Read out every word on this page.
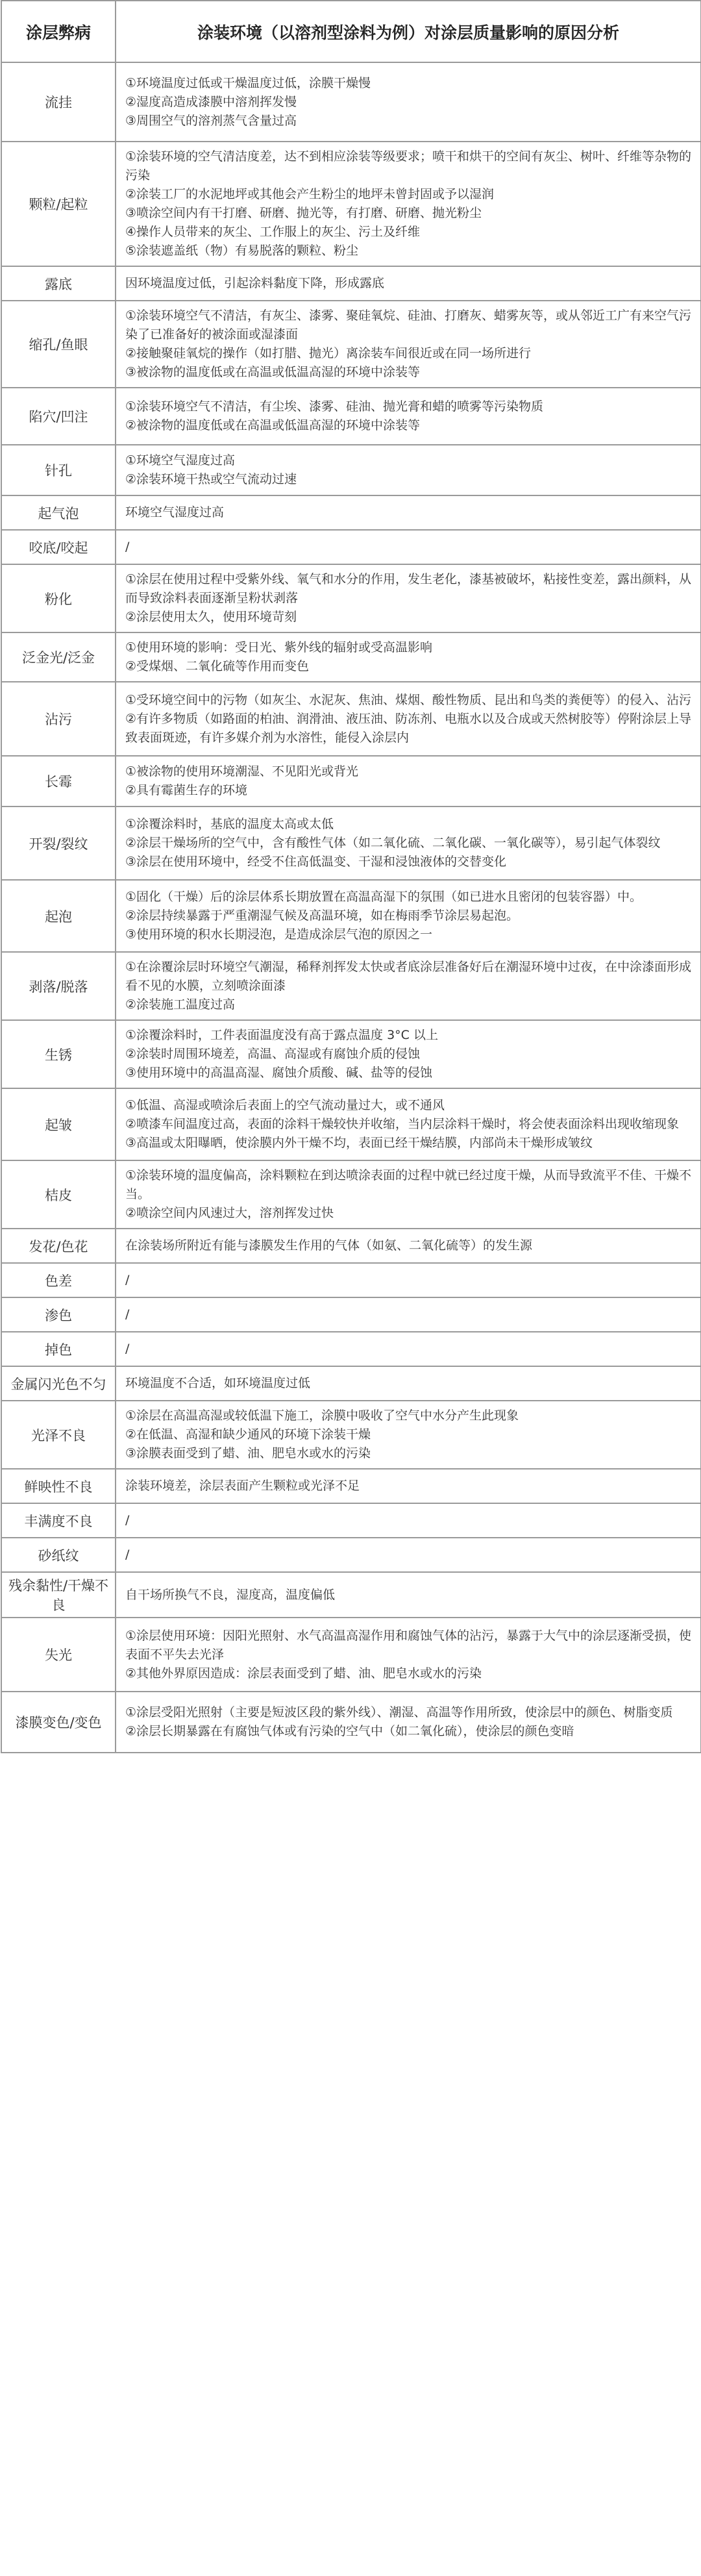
涂层弊病	涂装环境（以溶剂型涂料为例）对涂层质量影响的原因分析
流挂	①环境温度过低或干燥温度过低，涂膜干燥慢
②湿度高造成漆膜中溶剂挥发慢
③周围空气的溶剂蒸气含量过高

颗粒/起粒	①涂装环境的空气清洁度差，达不到相应涂装等级要求；喷干和烘干的空间有灰尘、树叶、纤维等杂物的污染
②涂装工厂的水泥地坪或其他会产生粉尘的地坪未曾封固或予以湿润
③喷涂空间内有干打磨、研磨、抛光等，有打磨、研磨、抛光粉尘
④操作人员带来的灰尘、工作服上的灰尘、污土及纤维
⑤涂装遮盖纸（物）有易脱落的颗粒、粉尘

露底	因环境温度过低，引起涂料黏度下降，形成露底

缩孔/鱼眼	①涂装环境空气不清洁，有灰尘、漆雾、聚硅氧烷、硅油、打磨灰、蜡雾灰等，或从邻近工广有来空气污染了已准备好的被涂面或湿漆面
②接触聚硅氧烷的操作（如打腊、抛光）离涂装车间很近或在同一场所进行
③被涂物的温度低或在高温或低温高湿的环境中涂装等

陷穴/凹注	①涂装环境空气不清洁，有尘埃、漆雾、硅油、抛光膏和蜡的喷雾等污染物质
②被涂物的温度低或在高温或低温高湿的环境中涂装等

针孔	①环境空气湿度过高
②涂装环境干热或空气流动过速

起气泡	环境空气湿度过高

咬底/咬起	/

粉化	①涂层在使用过程中受紫外线、氧气和水分的作用，发生老化，漆基被破坏，粘接性变差，露出颜料，从而导致涂料表面逐渐呈粉状剥落
②涂层使用太久，使用环境苛刻

泛金光/泛金	①使用环境的影响：受日光、紫外线的辐射或受高温影响
②受煤烟、二氧化硫等作用而变色

沾污	①受环境空间中的污物（如灰尘、水泥灰、焦油、煤烟、酸性物质、昆出和鸟类的粪便等）的侵入、沾污
②有许多物质（如路面的柏油、润滑油、液压油、防冻剂、电瓶水以及合成或天然树胶等）停附涂层上导致表面斑迹，有许多媒介剂为水溶性，能侵入涂层内

长霉	①被涂物的使用环境潮湿、不见阳光或背光
②具有霉菌生存的环境

开裂/裂纹	①涂覆涂料时，基底的温度太高或太低
②涂层干燥场所的空气中，含有酸性气体（如二氧化硫、二氧化碳、一氧化碳等），易引起气体裂纹
③涂层在使用环境中，经受不住高低温变、干湿和浸蚀液体的交替变化

起泡	①固化（干燥）后的涂层体系长期放置在高温高湿下的氛围（如已进水且密闭的包装容器）中。
②涂层持续暴露于严重潮湿气候及高温环境，如在梅雨季节涂层易起泡。
③使用环境的积水长期浸泡，是造成涂层气泡的原因之一

剥落/脱落	①在涂覆涂层时环境空气潮湿，稀释剂挥发太快或者底涂层准备好后在潮湿环境中过夜，在中涂漆面形成看不见的水膜，立刻喷涂面漆
②涂装施工温度过高

生锈	①涂覆涂料时，工件表面温度没有高于露点温度 3°C 以上
②涂装时周围环境差，高温、高湿或有腐蚀介质的侵蚀
③使用环境中的高温高湿、腐蚀介质酸、碱、盐等的侵蚀

起皱	①低温、高湿或喷涂后表面上的空气流动量过大，或不通风
②喷漆车间温度过高，表面的涂料干燥较快并收缩，当内层涂料干燥时，将会使表面涂料出现收缩现象
③高温或太阳曝晒，使涂膜内外干燥不均，表面已经干燥结膜，内部尚未干燥形成皱纹

桔皮	①涂装环境的温度偏高，涂料颗粒在到达喷涂表面的过程中就已经过度干燥，从而导致流平不佳、干燥不当。
②喷涂空间内风速过大，溶剂挥发过快

发花/色花	在涂装场所附近有能与漆膜发生作用的气体（如氨、二氧化硫等）的发生源

色差	/

渗色	/

掉色	/

金属闪光色不匀	环境温度不合适，如环境温度过低

光泽不良	①涂层在高温高湿或较低温下施工，涂膜中吸收了空气中水分产生此现象
②在低温、高湿和缺少通风的环境下涂装干燥
③涂膜表面受到了蜡、油、肥皂水或水的污染

鲜映性不良	涂装环境差，涂层表面产生颗粒或光泽不足

丰满度不良	/

砂纸纹	/

残余黏性/干燥不良	自干场所换气不良，湿度高，温度偏低

失光	①涂层使用环境：因阳光照射、水气高温高湿作用和腐蚀气体的沾污，暴露于大气中的涂层逐渐受损，使表面不平失去光泽
②其他外界原因造成：涂层表面受到了蜡、油、肥皂水或水的污染

漆膜变色/变色	①涂层受阳光照射（主要是短波区段的紫外线）、潮湿、高温等作用所致，使涂层中的颜色、树脂变质
②涂层长期暴露在有腐蚀气体或有污染的空气中（如二氧化硫），使涂层的颜色变暗
